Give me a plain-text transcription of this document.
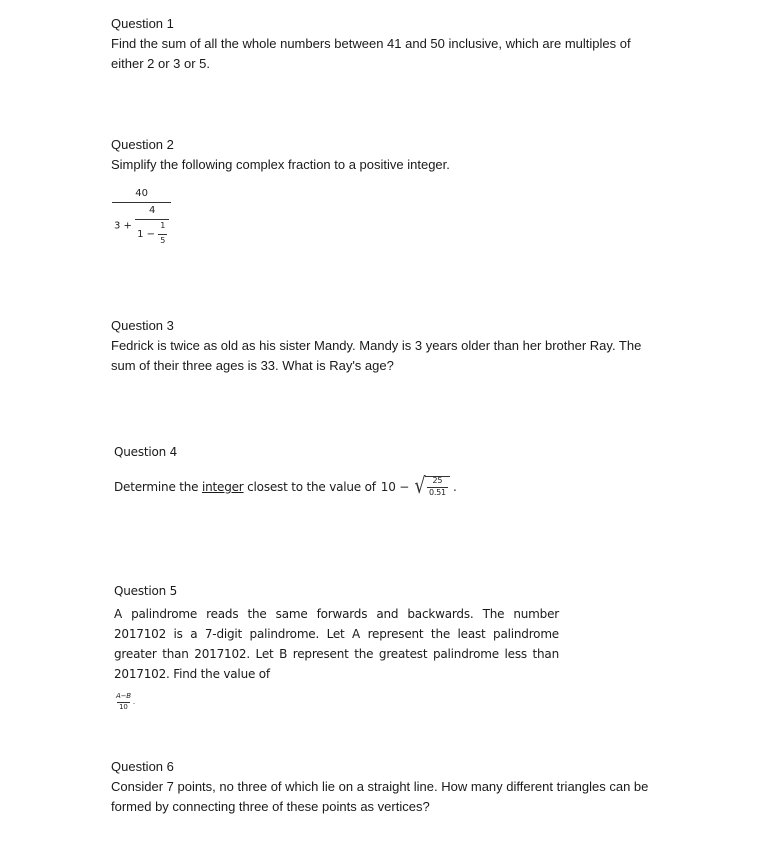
Question 1
Find the sum of all the whole numbers between 41 and 50 inclusive, which are multiples of either 2 or 3 or 5.
Question 2
Simplify the following complex fraction to a positive integer.
40
$3 + \frac{4}{1 - \frac{1}{5}}$
Question 3
Fedrick is twice as old as his sister Mandy. Mandy is 3 years older than her brother Ray. The sum of their three ages is 33. What is Ray's age?
Question 4
Determine the integer closest to the value of 10 − √ $\frac{25}{0.51}$ .
Question 5
A palindrome reads the same forwards and backwards. The number 2017102 is a 7-digit palindrome. Let A represent the least palindrome greater than 2017102. Let B represent the greatest palindrome less than 2017102. Find the value of
$\frac{A-B}{10}$ .
Question 6
Consider 7 points, no three of which lie on a straight line. How many different triangles can be formed by connecting three of these points as vertices?
